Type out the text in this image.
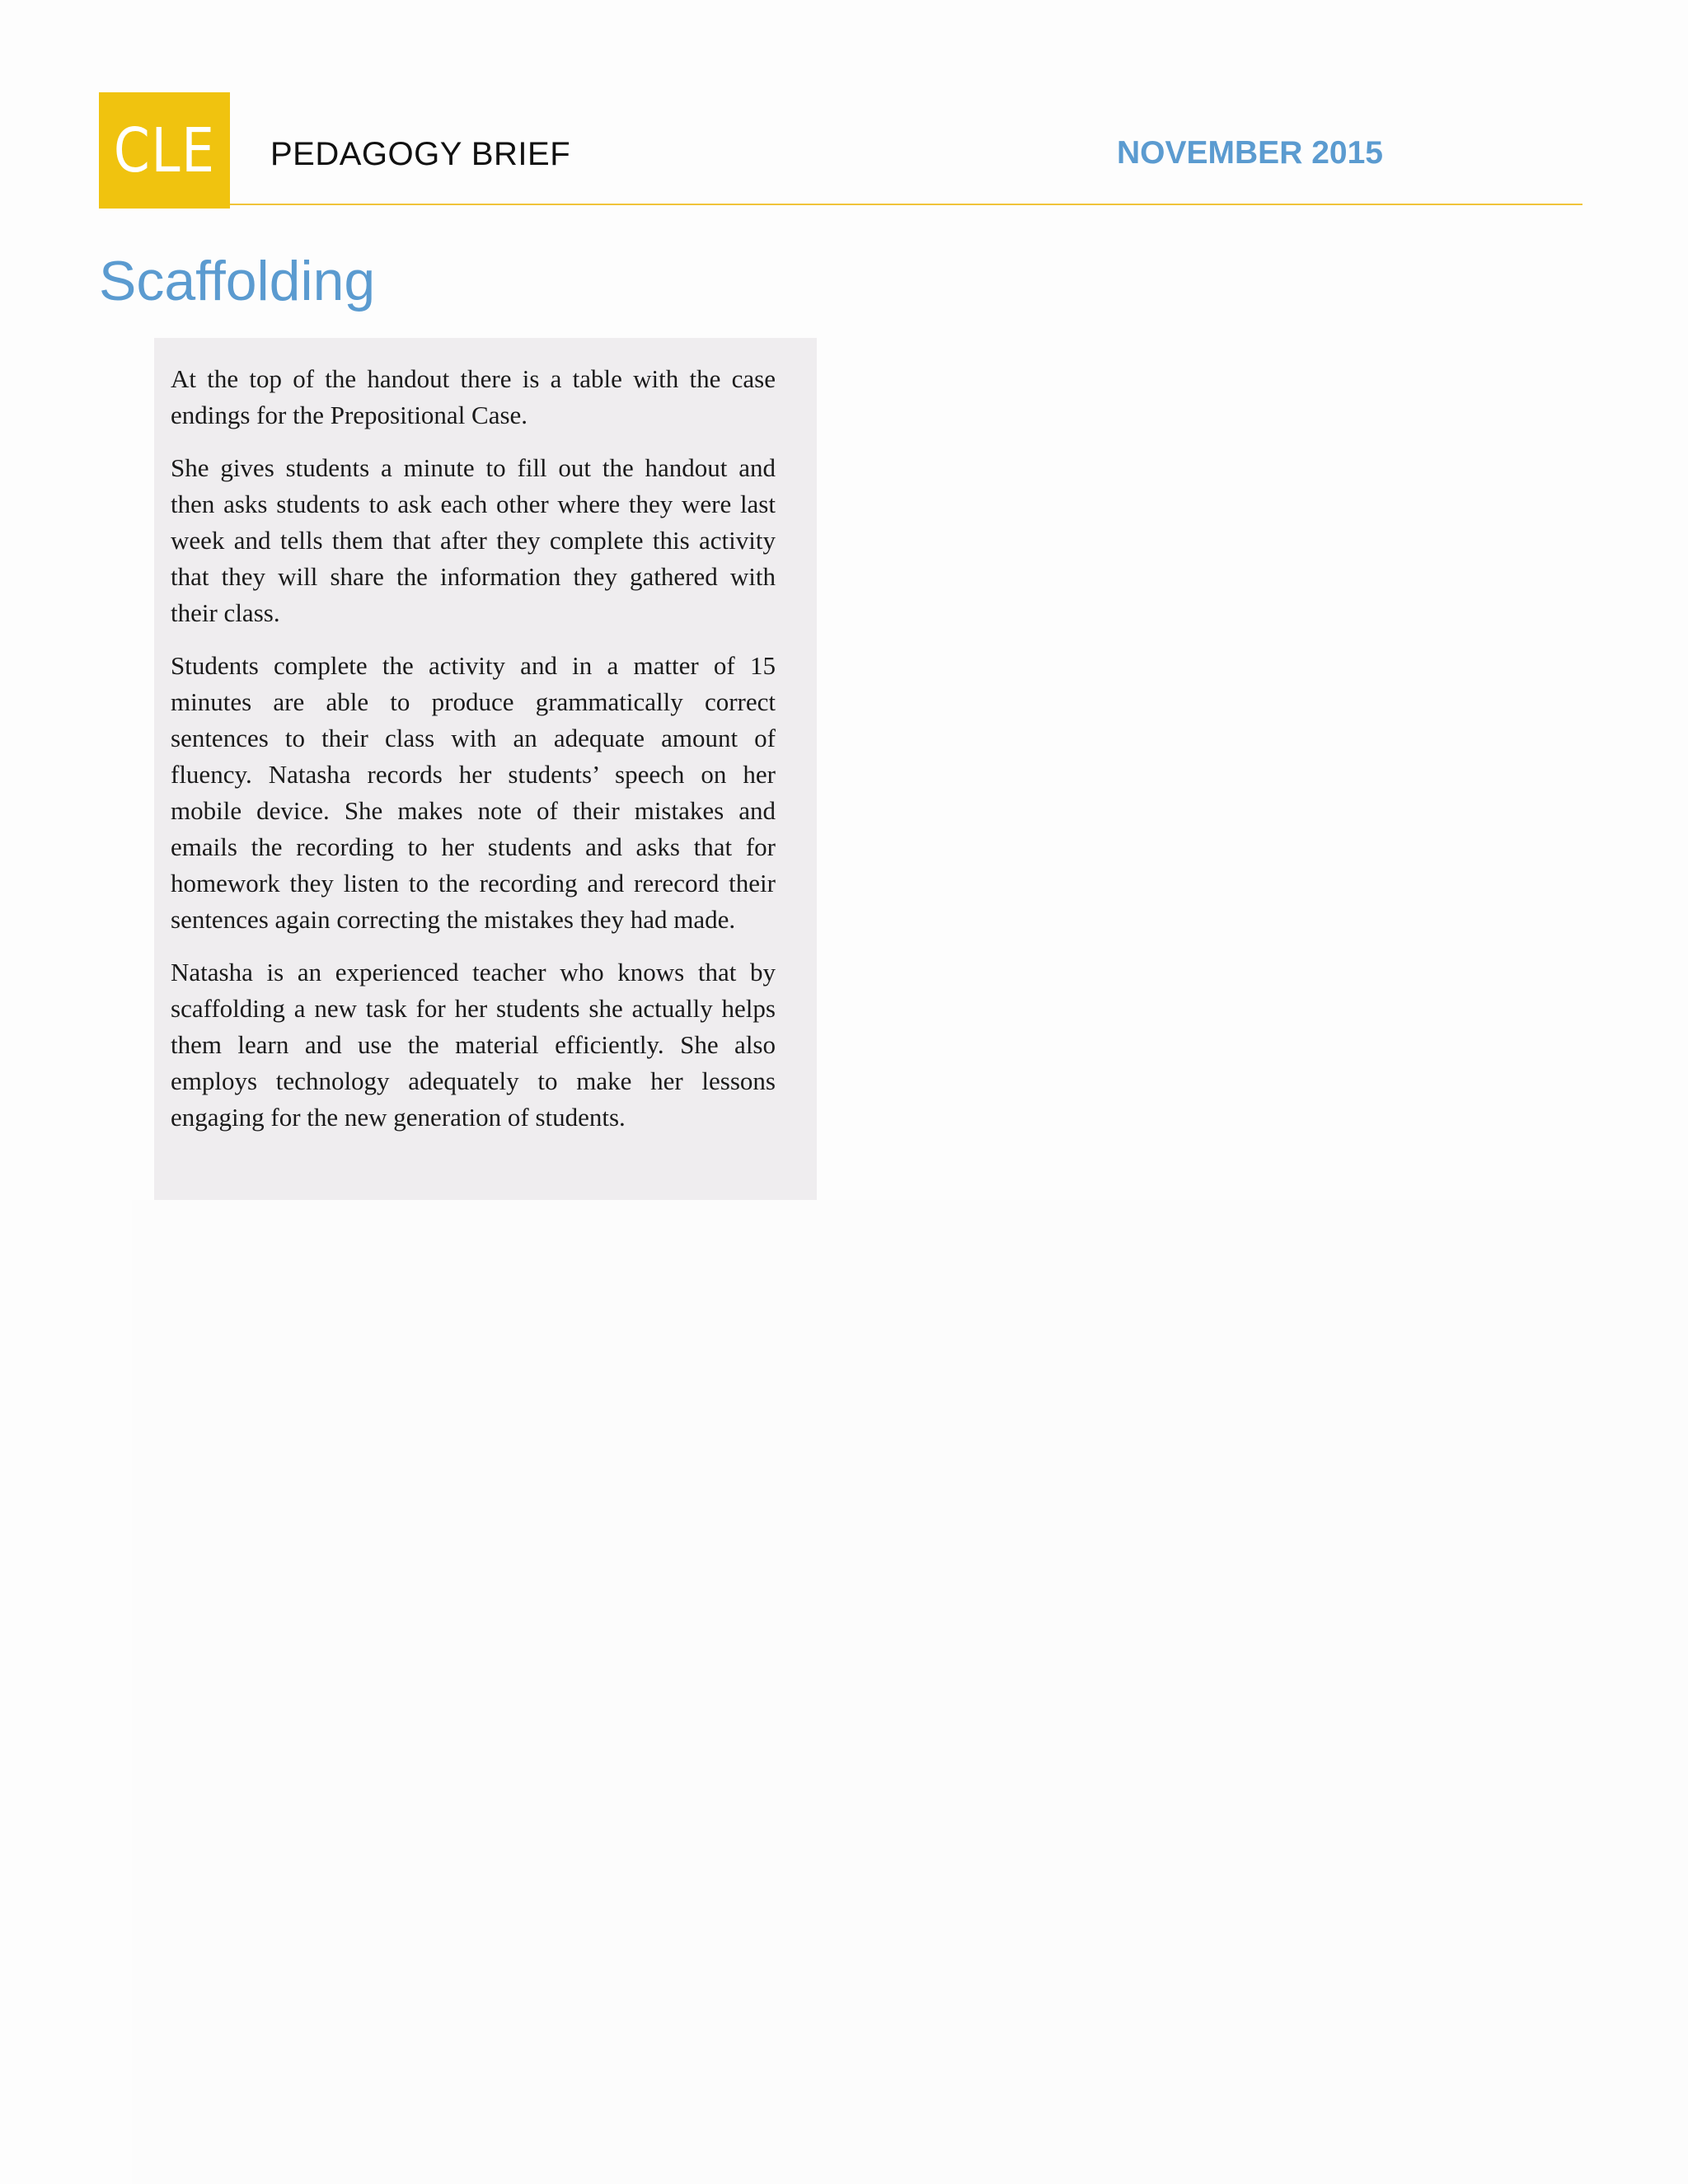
CLE PEDAGOGY BRIEF	NOVEMBER 2015
Scaffolding

At the top of the handout there is a table with the case endings for the Prepositional Case.

She gives students a minute to fill out the handout and then asks students to ask each other where they were last week and tells them that after they complete this activity that they will share the information they gathered with their class.

Students complete the activity and in a matter of 15 minutes are able to produce grammatically correct sentences to their class with an adequate amount of fluency. Natasha records her students’ speech on her mobile device. She makes note of their mistakes and emails the recording to her students and asks that for homework they listen to the recording and rerecord their sentences again correcting the mistakes they had made.

Natasha is an experienced teacher who knows that by scaffolding a new task for her students she actually helps them learn and use the material efficiently. She also employs technology adequately to make her lessons engaging for the new generation of students.
